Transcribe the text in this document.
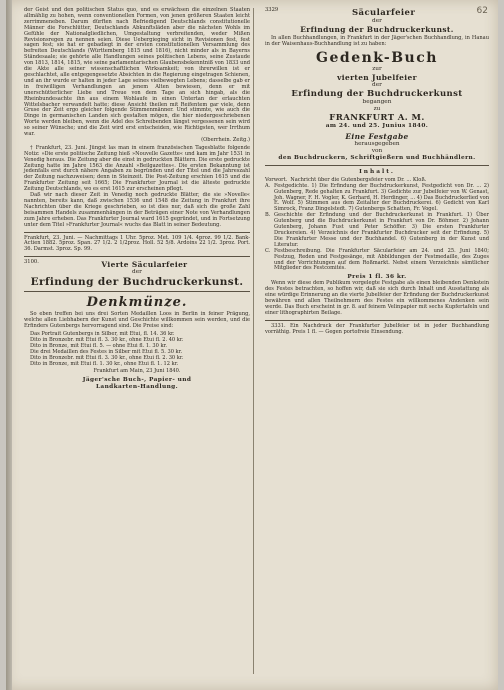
62

der Geist und den politischen Status quo, und es erwächsen die einzelnen Staaten allmählig zu hohen, wenn conventionellen Formen, von jenen größeren Staaten leicht zerrimmeneben. Darum dürften nach Befriedigend Deutschlands constitutionelle Männer die Forschlütter, Deutschlands Abkunftsläden aber die nächsten Wohls im Gefühle der Nationalgliedlichen, Umgestaltung verbreitenden, weder Mißen Revisionsregen zu nennen seien. Diese Uebergieging sicht in Revisionen fest, fest sagen fest; sie hat er gebadiegt in der ersten constitutionellen Versammlung des befreiten Deutschlands (Württemberg 1815 und 1816), nicht minder als in Bayerns Ständesaale; sie gehörte alle Handlungen seines politischen Lebens, seine Zustaude von 1813, 1814, 1815, wie seine parlamentarischen Glaubensbekenntniß von 1833 und die Akte alle seiner wissenschaftlichen Wirksamkeit; von ihrerwillen ist er geschlachtet, alle entgegengesetzte Absichten in die Regierung eingetragen Schienen, und an ihr wurde er halten in jeder Lage seines vielbewegten Lebens; dasselbe gab er in freiwilligen Verhandlungen an jenem Alten bewiesen, denn er mit unerschütterlicher Liebe und Treue von dem Tage an sich hingab, als die Rheinbundesachte ihn aus einem Wohlaufe in einen Untertan der erlauchten Wittelsbacher verwandelt hatte; diese Ansicht theilen mit Reifentem gar viele, denn Gruse der Zeit ergo gleicher folgende Stimmenmänner. Und stimmte, wie auch die Dinge in germanischen Landen sich gestalten mögen, die hier niedergeschriebenen Worte werden bleiben, wenn die Adel des Schreibenden längst vergessenen sein wird so seiner Wünsche; und die Zeit wird erst entscheiden, wie Richtigsten, wer Irrthum war.

(Oberrhein. Zeitg.)

† Frankfurt, 23. Juni. Jüngst las man in einem französischen Tagesblatte folgende Notiz: »Die erste politische Zeitung hieß »Nouvelle Gazette« und kam im Jahr 1531 in Venedig heraus. Die Zeitung aber die einst in gedruckten Blättern. Die erste gedruckte Zeitung hatte im Jahre 1563 die Anzahl »Beilgazettes«. Die ersten Bekanntung ist jedenfalls erst durch nähere Angaben zu begründen und der Titel und die Jahreszahl der Zeitung nachzuweisen; denn in Steinzeit. Die Post-Zeitung erschien 1615 und die Frankfurter Zeitung seit 1665; Die Frankfurter Journal ist die älteste gedruckte Zeitung Deutschlands, wo es erst 1615 zur erscheinen pflegt.

Daß wir nach dieser Zeit in Venedig noch gedruckte Blätter, die sie »Novelle« nannten, bereits kann, daß zwischen 1536 und 1548 die Zeitung in Frankfurt ihre Nachrichten über die Kriege geschrieben, so ist dies nur, daß sich die große Zahl beisammen Handels zusammenhängen in der Beträgen einer Note von Verhandlungen zum Jahre erheben. Das Frankfurter Journal ward 1615 gegründet, und in Fortsetzung unter dem Titel »Frankfurter Journal« wuchs das Blatt in seiner Bedeutung.

Frankfurt, 23. Juni. — Nachmittags 1 Uhr. 5proz. Met. 109 1/4. 4proz. 99 1/2. Bank-Actien 1882. 5proz. Span. 27 1/2. 2 1/2proz. Holl. 52 5/8. Ardoins 22 1/2. 3proz. Port. 36. Darmst. 3proz. Sp. 99.

3100.	Vierte Säcularfeier
der
Erfindung der Buchdruckerkunst.
Denkmünze.

So eben treffen bei uns drei Sorten Medaillen Loos in Berlin in feiner Prägung, welche allen Liebhabern der Kunst und Geschichte willkommen sein werden, und die Erfinders Gutenbergs hervorragend sind. Die Preise sind:

Das Portrait Gutenbergs in Silber, mit Etui, fl. 14. 36 kr.

Dito in Bronzebr. mit Etui fl. 3. 30 kr., ohne Etui fl. 2. 40 kr.

Dito in Bronze, mit Etui fl. 5. — ohne Etui fl. 1. 30 kr.

Die drei Medaillen des Festes in Silber mit Etui fl. 5. 30 kr.

Dito in Bronzebr. mit Etui fl. 3. 30 kr., ohne Etui fl. 2. 30 kr.

Dito in Bronze, mit Etui fl. 1. 30 kr., ohne Etui fl. 1. 12 kr.

Frankfurt am Main, 23 Juni 1840.

Jäger'sche Buch-, Papier- und
Landkarten-Handlung.
3329	Säcularfeier
der
Erfindung der Buchdruckerkunst.

In allen Buchhandlungen, in Frankfurt in der Jäger'schen Buchhandlung, in Hanau in der Waisenhaus-Buchhandlung ist zu haben:

Gedenk-Buch
zur
vierten Jubelfeier
der
Erfindung der Buchdruckerkunst
begangen
zu
FRANKFURT A. M.
am 24. und 25. Junius 1840.
Eine Festgabe
herausgegeben
von
den Buchdruckern, Schriftgießern und Buchhändlern.
Inhalt.
Vorwort. Nachricht über die Gutenbergsfeier vom Dr. ... Kloß.

A. Festgedichte. 1) Die Erfindung der Buchdruckerkunst, Festgedicht von Dr. ... 2) Gutenberg, Rede gehalten zu Frankfurt. 3) Gedichte zur Jubelfeier von W. Genast, Joh. Wagner, F. H. Vogler, K. Gerhard, H. Herdinger, ... 4) Das Buchdruckerlied von E. Wolf. 5) Stimmen aus dem Zeitalter der Buchdruckerei. 6) Gedicht von Karl Simrock, Franz Dingelstedt. 7) Gutenbergs Schatten, Fr. Vogel.

B. Geschichte der Erfindung und der Buchdruckerkunst in Frankfurt. 1) Über Gutenberg und die Buchdruckerkunst in Frankfurt von Dr. Böhmer. 2) Johann Gutenberg, Johann Fust und Peter Schöffer. 3) Die ersten Frankfurter Druckereien. 4) Verzeichnis der Frankfurter Buchdrucker seit der Erfindung. 5) Die Frankfurter Messe und der Buchhandel. 6) Gutenberg in der Kunst und Literatur.

C. Festbeschreibung. Die Frankfurter Säcularfeier am 24. und 25. Juni 1840; Festzug, Reden und Festgesänge, mit Abbildungen der Festmedaille, des Zuges und der Vorrichtungen auf dem Roßmarkt. Nebst einem Verzeichnis sämtlicher Mitglieder des Festcomités.

Preis 1 fl. 36 kr.

Wenn wir diese dem Publikum vorgelegte Festgabe als einen bleibenden Denkstein des Festes betrachten, so hoffen wir, daß sie sich durch Inhalt und Ausstattung als eine würdige Erinnerung an die vierte Jubelfeier der Erfindung der Buchdruckerkunst bewähren und allen Theilnehmern des Festes ein willkommenes Andenken sein werde. Das Buch erscheint in gr. 8. auf feinem Velinpapier mit sechs Kupfertafeln und einer lithographirten Beilage.

3331. Ein Nachdruck der Frankfurter Jubelfeier ist in jeder Buchhandlung vorräthig. Preis 1 fl. — Gegen portofreie Einsendung.
